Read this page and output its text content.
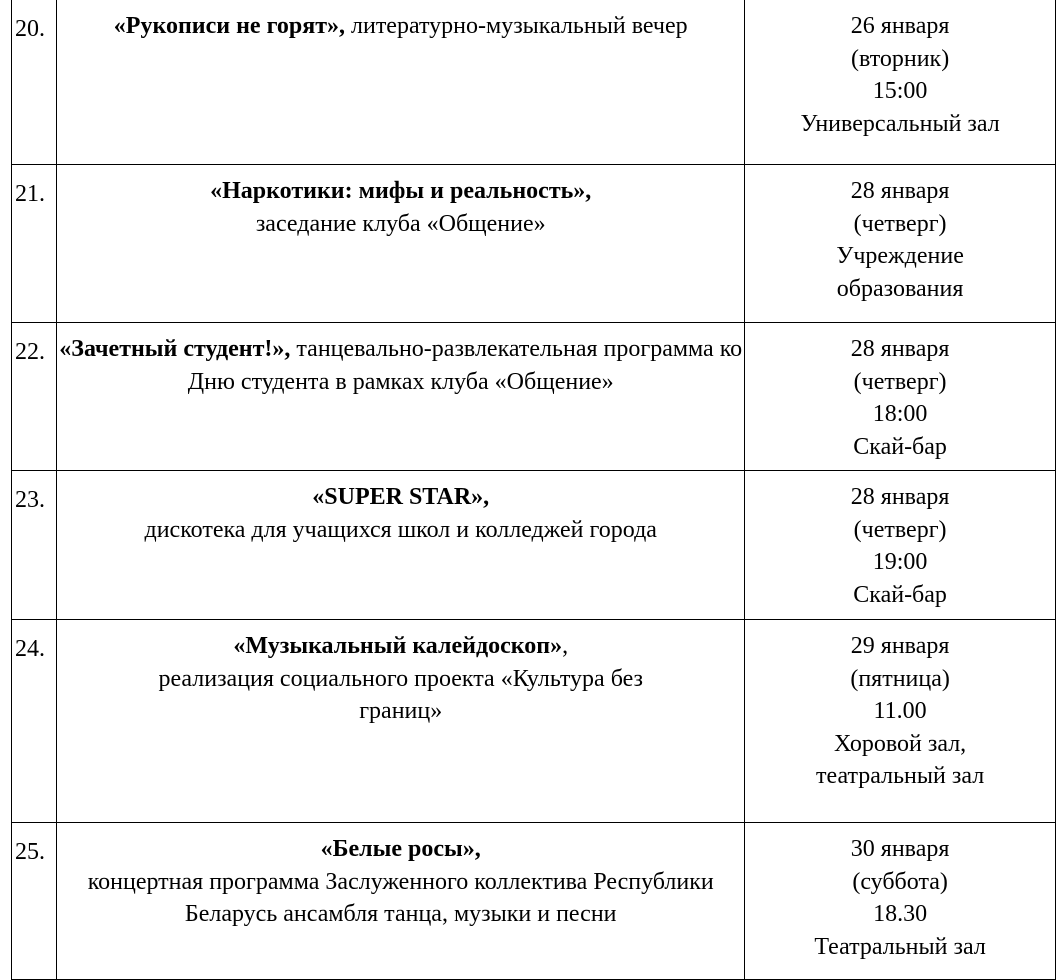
20.	«Рукописи не горят», литературно-музыкальный вечер	26 января
(вторник)
15:00
Универсальный зал

21.	«Наркотики: мифы и реальность»,
заседание клуба «Общение»	28 января
(четверг)
Учреждение
образования

22.	«Зачетный студент!», танцевально-развлекательная программа ко Дню студента в рамках клуба «Общение»	28 января
(четверг)
18:00
Скай-бар

23.	«SUPER STAR»,
дискотека для учащихся школ и колледжей города	28 января
(четверг)
19:00
Скай-бар

24.	«Музыкальный калейдоскоп»,
реализация социального проекта «Культура без границ»	29 января
(пятница)
11.00
Хоровой зал,
театральный зал

25.	«Белые росы»,
концертная программа Заслуженного коллектива Республики Беларусь ансамбля танца, музыки и песни	30 января
(суббота)
18.30
Театральный зал
